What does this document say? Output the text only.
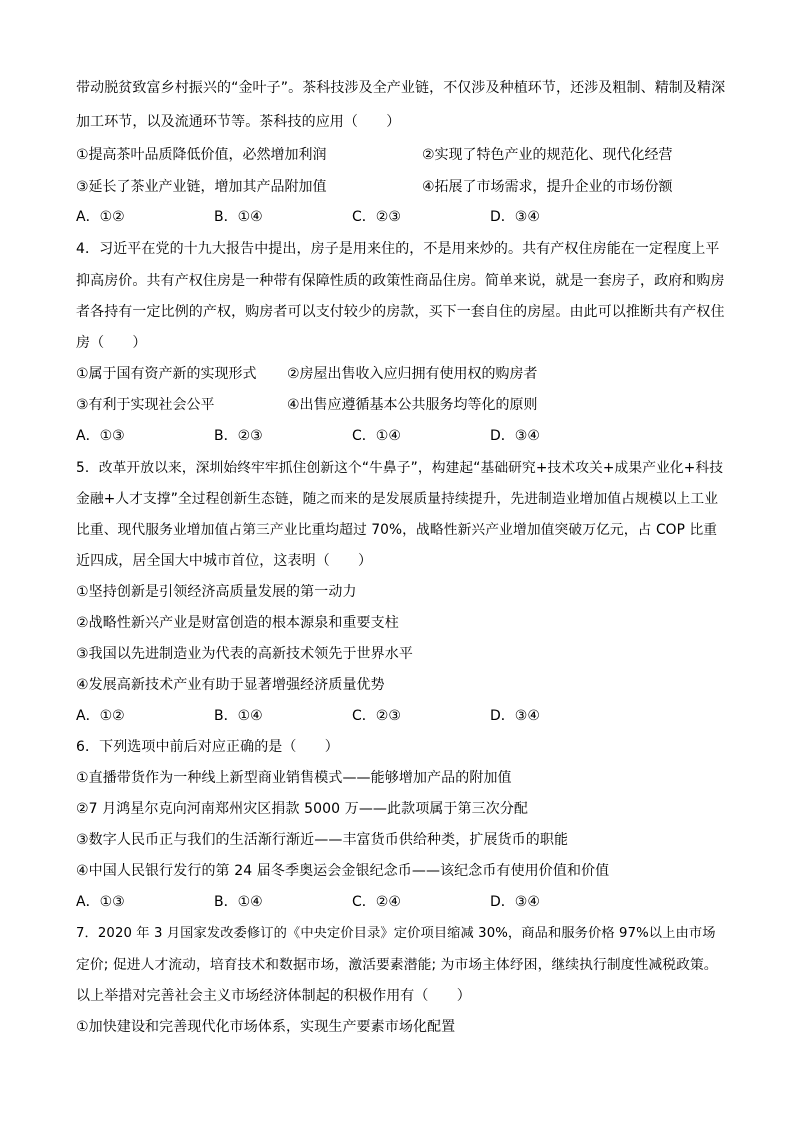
带动脱贫致富乡村振兴的“金叶子”。茶科技涉及全产业链，不仅涉及种植环节，还涉及粗制、精制及精深
加工环节，以及流通环节等。茶科技的应用（　　）
①提高茶叶品质降低价值，必然增加利润	②实现了特色产业的规范化、现代化经营
③延长了茶业产业链，增加其产品附加值	④拓展了市场需求，提升企业的市场份额
A．①②	B．①④	C．②③	D．③④
4．习近平在党的十九大报告中提出，房子是用来住的，不是用来炒的。共有产权住房能在一定程度上平
抑高房价。共有产权住房是一种带有保障性质的政策性商品住房。简单来说，就是一套房子，政府和购房
者各持有一定比例的产权，购房者可以支付较少的房款，买下一套自住的房屋。由此可以推断共有产权住
房（　　）
①属于国有资产新的实现形式 ②房屋出售收入应归拥有使用权的购房者
③有利于实现社会公平	④出售应遵循基本公共服务均等化的原则
A．①③	B．②③	C．①④	D．③④
5．改革开放以来，深圳始终牢牢抓住创新这个“牛鼻子”，构建起“基础研究+技术攻关+成果产业化+科技
金融+人才支撑”全过程创新生态链，随之而来的是发展质量持续提升，先进制造业增加值占规模以上工业
比重、现代服务业增加值占第三产业比重均超过 70%，战略性新兴产业增加值突破万亿元，占 COP 比重
近四成，居全国大中城市首位，这表明（　　）
①坚持创新是引领经济高质量发展的第一动力
②战略性新兴产业是财富创造的根本源泉和重要支柱
③我国以先进制造业为代表的高新技术领先于世界水平
④发展高新技术产业有助于显著增强经济质量优势
A．①②	B．①④	C．②③	D．③④
6．下列选项中前后对应正确的是（　　）
①直播带货作为一种线上新型商业销售模式——能够增加产品的附加值
②7 月鸿星尔克向河南郑州灾区捐款 5000 万——此款项属于第三次分配
③数字人民币正与我们的生活渐行渐近——丰富货币供给种类，扩展货币的职能
④中国人民银行发行的第 24 届冬季奥运会金银纪念币——该纪念币有使用价值和价值
A．①③	B．①④	C．②④	D．③④
7．2020 年 3 月国家发改委修订的《中央定价目录》定价项目缩减 30%，商品和服务价格 97%以上由市场
定价; 促进人才流动，培育技术和数据市场，激活要素潜能; 为市场主体纾困，继续执行制度性减税政策。
以上举措对完善社会主义市场经济体制起的积极作用有（　　）
①加快建设和完善现代化市场体系，实现生产要素市场化配置
